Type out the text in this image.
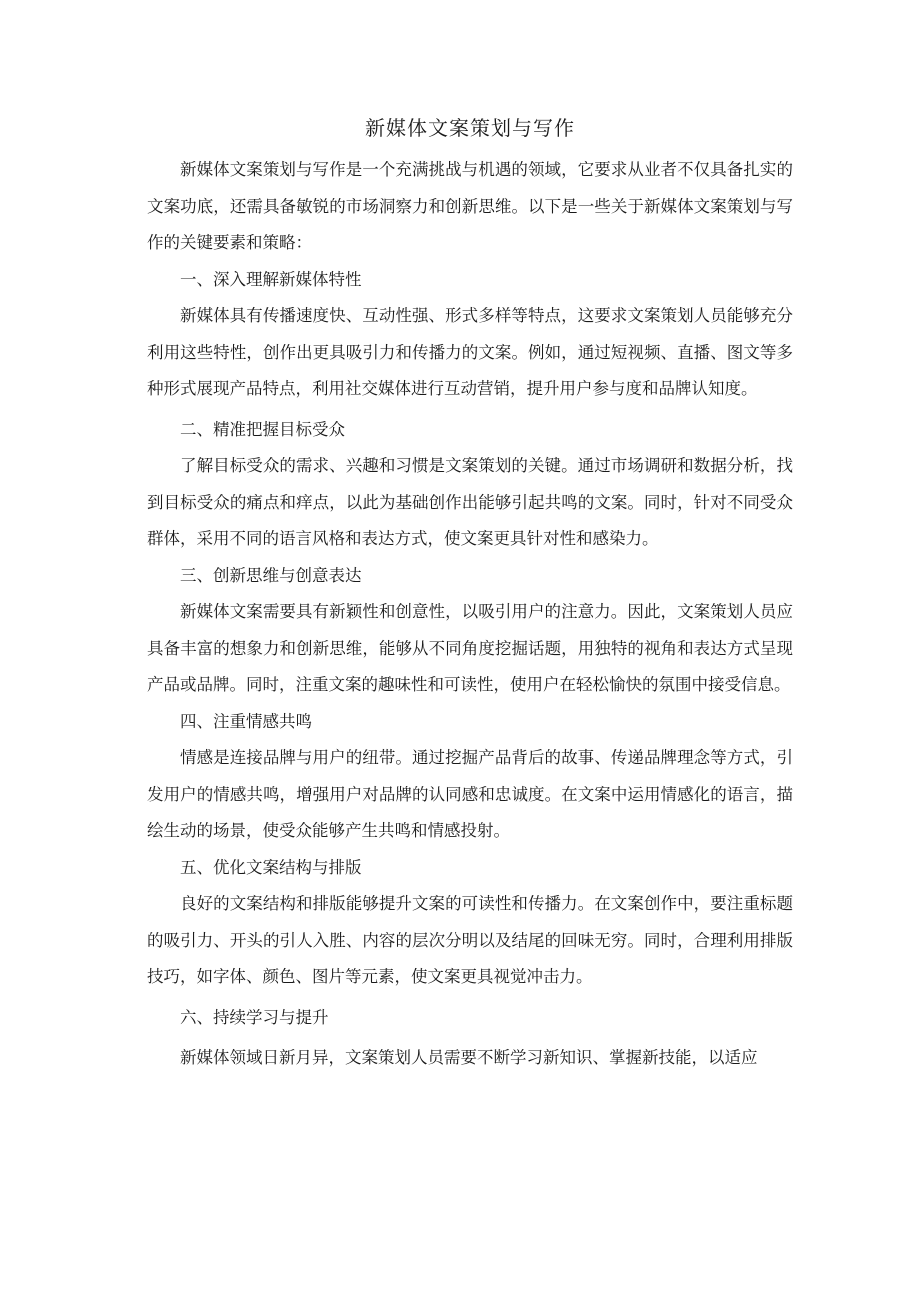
新媒体文案策划与写作

新媒体文案策划与写作是一个充满挑战与机遇的领域，它要求从业者不仅具备扎实的文案功底，还需具备敏锐的市场洞察力和创新思维。以下是一些关于新媒体文案策划与写作的关键要素和策略：

一、深入理解新媒体特性

新媒体具有传播速度快、互动性强、形式多样等特点，这要求文案策划人员能够充分利用这些特性，创作出更具吸引力和传播力的文案。例如，通过短视频、直播、图文等多种形式展现产品特点，利用社交媒体进行互动营销，提升用户参与度和品牌认知度。

二、精准把握目标受众

了解目标受众的需求、兴趣和习惯是文案策划的关键。通过市场调研和数据分析，找到目标受众的痛点和痒点，以此为基础创作出能够引起共鸣的文案。同时，针对不同受众群体，采用不同的语言风格和表达方式，使文案更具针对性和感染力。

三、创新思维与创意表达

新媒体文案需要具有新颖性和创意性，以吸引用户的注意力。因此，文案策划人员应具备丰富的想象力和创新思维，能够从不同角度挖掘话题，用独特的视角和表达方式呈现产品或品牌。同时，注重文案的趣味性和可读性，使用户在轻松愉快的氛围中接受信息。

四、注重情感共鸣

情感是连接品牌与用户的纽带。通过挖掘产品背后的故事、传递品牌理念等方式，引发用户的情感共鸣，增强用户对品牌的认同感和忠诚度。在文案中运用情感化的语言，描绘生动的场景，使受众能够产生共鸣和情感投射。

五、优化文案结构与排版

良好的文案结构和排版能够提升文案的可读性和传播力。在文案创作中，要注重标题的吸引力、开头的引人入胜、内容的层次分明以及结尾的回味无穷。同时，合理利用排版技巧，如字体、颜色、图片等元素，使文案更具视觉冲击力。

六、持续学习与提升

新媒体领域日新月异，文案策划人员需要不断学习新知识、掌握新技能，以适应
